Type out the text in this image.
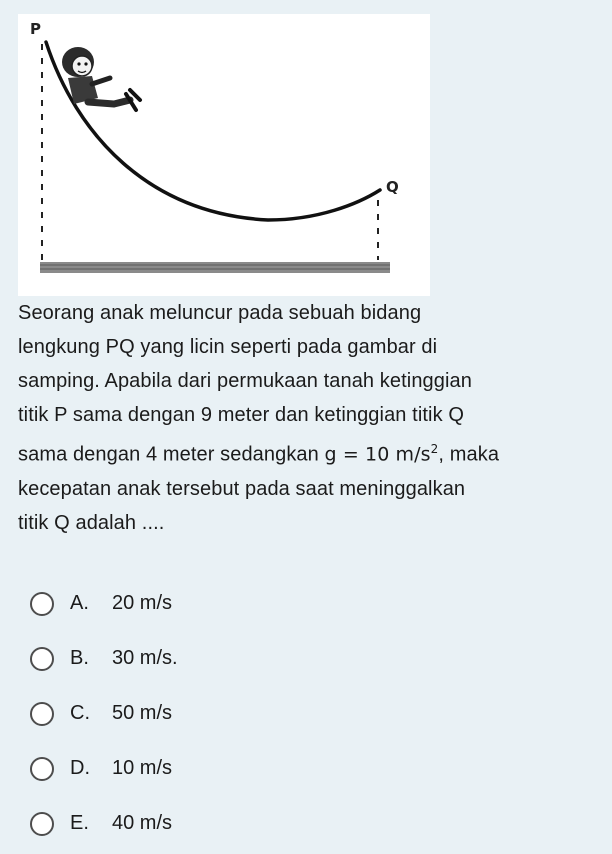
P
Q

Seorang anak meluncur pada sebuah bidang
lengkung PQ yang licin seperti pada gambar di
samping. Apabila dari permukaan tanah ketinggian
titik P sama dengan 9 meter dan ketinggian titik Q
sama dengan 4 meter sedangkan g = 10 $m/s^2$, maka
kecepatan anak tersebut pada saat meninggalkan
titik Q adalah ....

A.	20 m/s
B.	30 m/s.
C.	50 m/s
D.	10 m/s
E.	40 m/s
